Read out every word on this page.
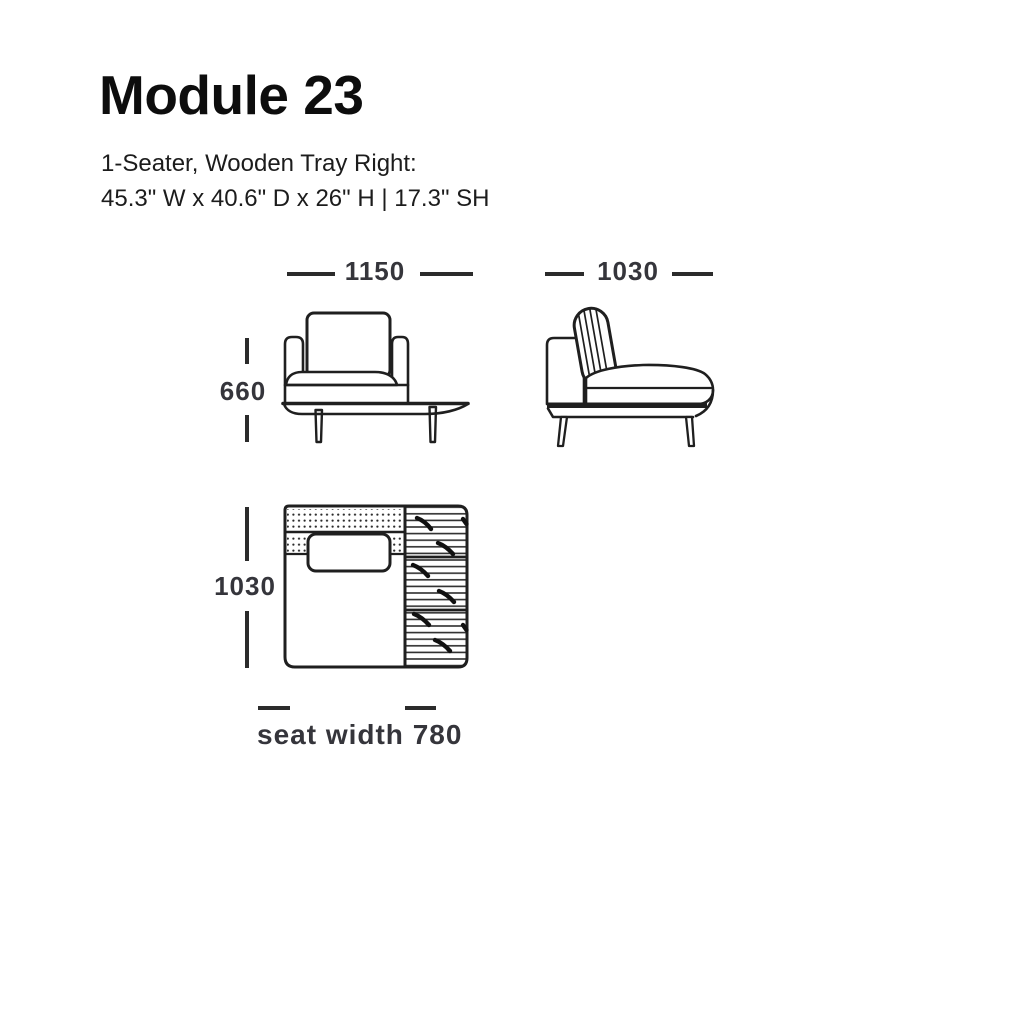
Module 23
1-Seater, Wooden Tray Right:
45.3" W x 40.6" D x 26" H | 17.3" SH
1150
660
1030
1030
seat width 780
